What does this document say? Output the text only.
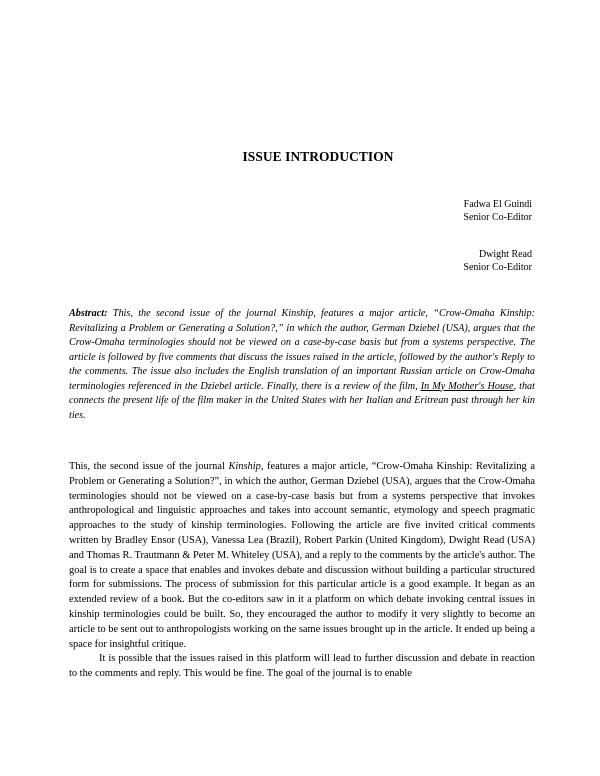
ISSUE INTRODUCTION
Fadwa El Guindi
Senior Co-Editor
Dwight Read
Senior Co-Editor
Abstract: This, the second issue of the journal Kinship, features a major article, “Crow-Omaha Kinship: Revitalizing a Problem or Generating a Solution?,” in which the author, German Dziebel (USA), argues that the Crow-Omaha terminologies should not be viewed on a case-by-case basis but from a systems perspective. The article is followed by five comments that discuss the issues raised in the article, followed by the author's Reply to the comments. The issue also includes the English translation of an important Russian article on Crow-Omaha terminologies referenced in the Dziebel article. Finally, there is a review of the film, In My Mother's House, that connects the present life of the film maker in the United States with her Italian and Eritrean past through her kin ties.

This, the second issue of the journal Kinship, features a major article, “Crow-Omaha Kinship: Revitalizing a Problem or Generating a Solution?”, in which the author, German Dziebel (USA), argues that the Crow-Omaha terminologies should not be viewed on a case-by-case basis but from a systems perspective that invokes anthropological and linguistic approaches and takes into account semantic, etymology and speech pragmatic approaches to the study of kinship terminologies. Following the article are five invited critical comments written by Bradley Ensor (USA), Vanessa Lea (Brazil), Robert Parkin (United Kingdom), Dwight Read (USA) and Thomas R. Trautmann & Peter M. Whiteley (USA), and a reply to the comments by the article's author. The goal is to create a space that enables and invokes debate and discussion without building a particular structured form for submissions. The process of submission for this particular article is a good example. It began as an extended review of a book. But the co-editors saw in it a platform on which debate invoking central issues in kinship terminologies could be built. So, they encouraged the author to modify it very slightly to become an article to be sent out to anthropologists working on the same issues brought up in the article. It ended up being a space for insightful critique.

It is possible that the issues raised in this platform will lead to further discussion and debate in reaction to the comments and reply. This would be fine. The goal of the journal is to enable
